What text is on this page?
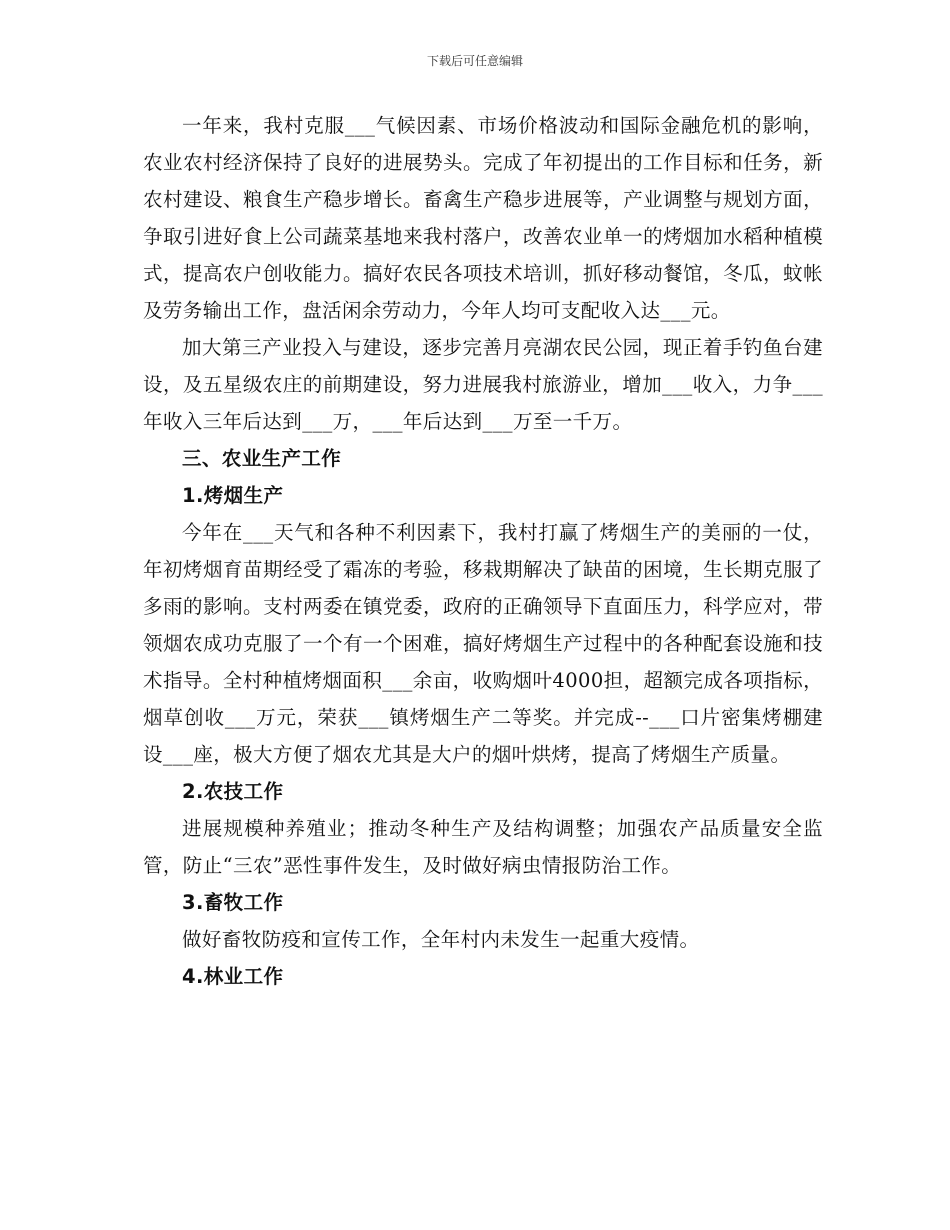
下载后可任意编辑

一年来，我村克服___气候因素、市场价格波动和国际金融危机的影响，农业农村经济保持了良好的进展势头。完成了年初提出的工作目标和任务，新农村建设、粮食生产稳步增长。畜禽生产稳步进展等，产业调整与规划方面，争取引进好食上公司蔬菜基地来我村落户，改善农业单一的烤烟加水稻种植模式，提高农户创收能力。搞好农民各项技术培训，抓好移动餐馆，冬瓜，蚊帐及劳务输出工作，盘活闲余劳动力，今年人均可支配收入达___元。

加大第三产业投入与建设，逐步完善月亮湖农民公园，现正着手钓鱼台建设，及五星级农庄的前期建设，努力进展我村旅游业，增加___收入，力争___年收入三年后达到___万，___年后达到___万至一千万。

三、农业生产工作

1.烤烟生产

今年在___天气和各种不利因素下，我村打赢了烤烟生产的美丽的一仗，年初烤烟育苗期经受了霜冻的考验，移栽期解决了缺苗的困境，生长期克服了多雨的影响。支村两委在镇党委，政府的正确领导下直面压力，科学应对，带领烟农成功克服了一个有一个困难，搞好烤烟生产过程中的各种配套设施和技术指导。全村种植烤烟面积___余亩，收购烟叶4000担，超额完成各项指标，烟草创收___万元，荣获___镇烤烟生产二等奖。并完成--___口片密集烤棚建设___座，极大方便了烟农尤其是大户的烟叶烘烤，提高了烤烟生产质量。

2.农技工作

进展规模种养殖业；推动冬种生产及结构调整；加强农产品质量安全监管，防止“三农”恶性事件发生，及时做好病虫情报防治工作。

3.畜牧工作

做好畜牧防疫和宣传工作，全年村内未发生一起重大疫情。

4.林业工作
